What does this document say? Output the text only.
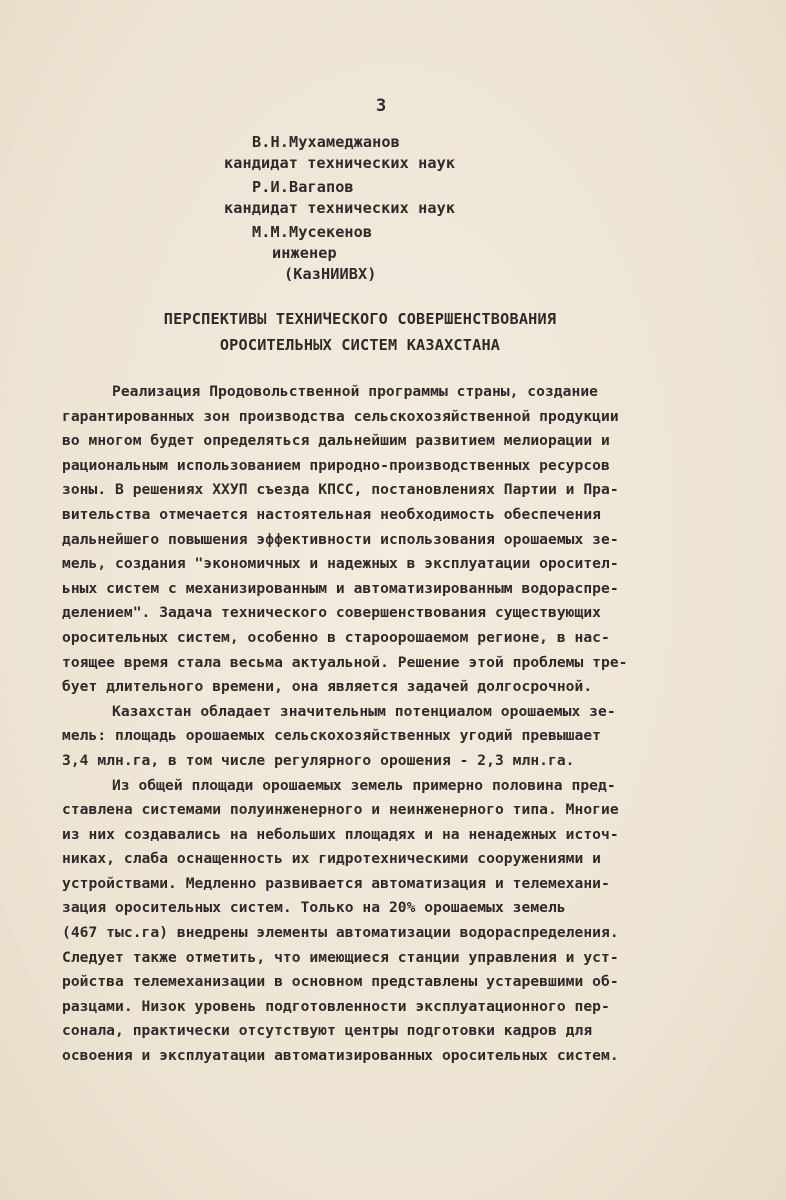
3
В.Н.Мухамеджанов
кандидат технических наук
Р.И.Вагапов
кандидат технических наук
М.М.Мусекенов
инженер
(КазНИИВХ)
ПЕРСПЕКТИВЫ ТЕХНИЧЕСКОГО СОВЕРШЕНСТВОВАНИЯ
ОРОСИТЕЛЬНЫХ СИСТЕМ КАЗАХСТАНА
Реализация Продовольственной программы страны, создание
гарантированных зон производства сельскохозяйственной продукции
во многом будет определяться дальнейшим развитием мелиорации и
рациональным использованием природно-производственных ресурсов
зоны. В решениях ХХУП съезда КПСС, постановлениях Партии и Пра-
вительства отмечается настоятельная необходимость обеспечения
дальнейшего повышения эффективности использования орошаемых зе-
мель, создания "экономичных и надежных в эксплуатации оросител-
ьных систем с механизированным и автоматизированным водораспре-
делением". Задача технического совершенствования существующих
оросительных систем, особенно в староорошаемом регионе, в нас-
тоящее время стала весьма актуальной. Решение этой проблемы тре-
бует длительного времени, она является задачей долгосрочной.
Казахстан обладает значительным потенциалом орошаемых зе-
мель: площадь орошаемых сельскохозяйственных угодий превышает
3,4 млн.га, в том числе регулярного орошения - 2,3 млн.га.
Из общей площади орошаемых земель примерно половина пред-
ставлена системами полуинженерного и неинженерного типа. Многие
из них создавались на небольших площадях и на ненадежных источ-
никах, слаба оснащенность их гидротехническими сооружениями и
устройствами. Медленно развивается автоматизация и телемехани-
зация оросительных систем. Только на 20% орошаемых земель
(467 тыс.га) внедрены элементы автоматизации водораспределения.
Следует также отметить, что имеющиеся станции управления и уст-
ройства телемеханизации в основном представлены устаревшими об-
разцами. Низок уровень подготовленности эксплуатационного пер-
сонала, практически отсутствуют центры подготовки кадров для
освоения и эксплуатации автоматизированных оросительных систем.
